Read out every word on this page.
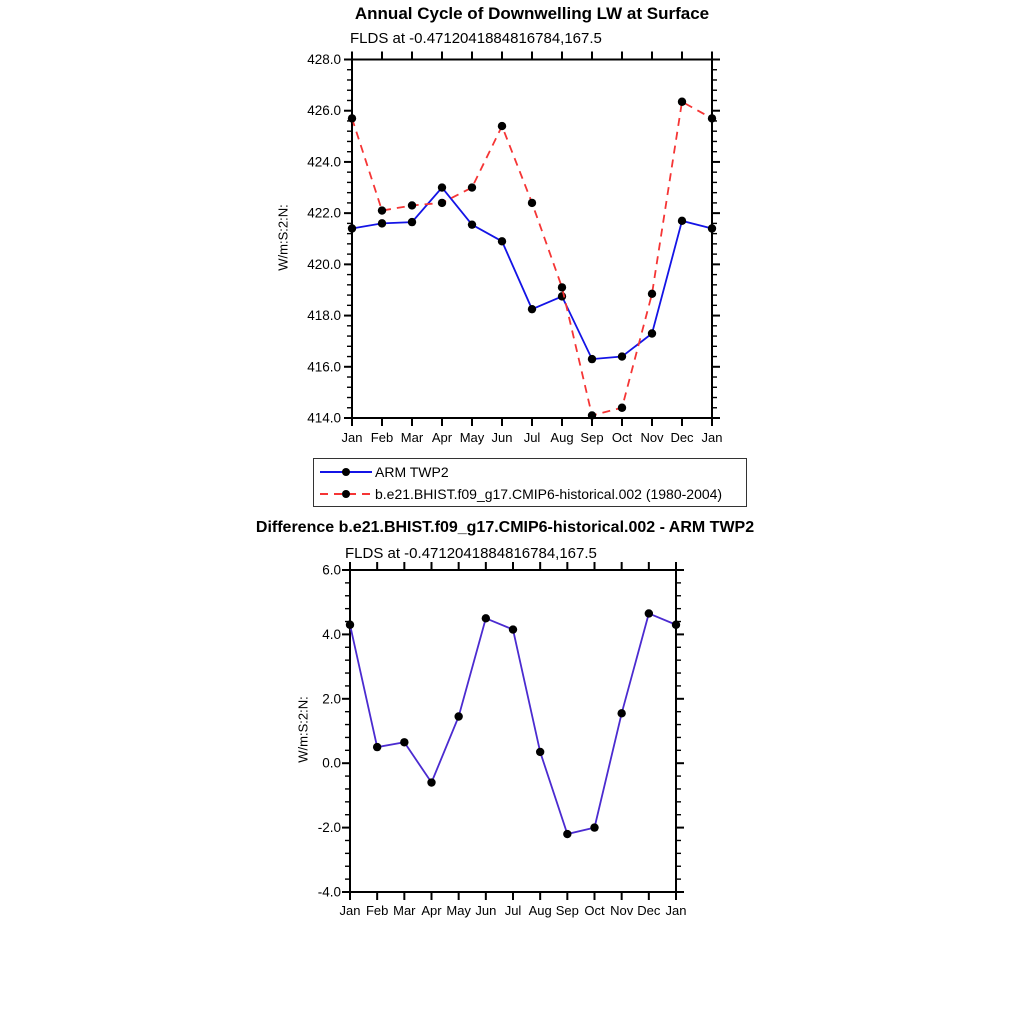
Annual Cycle of Downwelling LW at Surface
FLDS at -0.4712041884816784,167.5
W/m:S:2:N:
Difference b.e21.BHIST.f09_g17.CMIP6-historical.002 - ARM TWP2
FLDS at -0.4712041884816784,167.5
W/m:S:2:N:
414.0
416.0
418.0
420.0
422.0
424.0
426.0
428.0
Jan Feb Mar Apr May Jun Jul Aug Sep Oct Nov Dec Jan
-4.0
-2.0
0.0
2.0
4.0
6.0
Jan Feb Mar Apr May Jun Jul Aug Sep Oct Nov Dec Jan
ARM TWP2
b.e21.BHIST.f09_g17.CMIP6-historical.002 (1980-2004)
